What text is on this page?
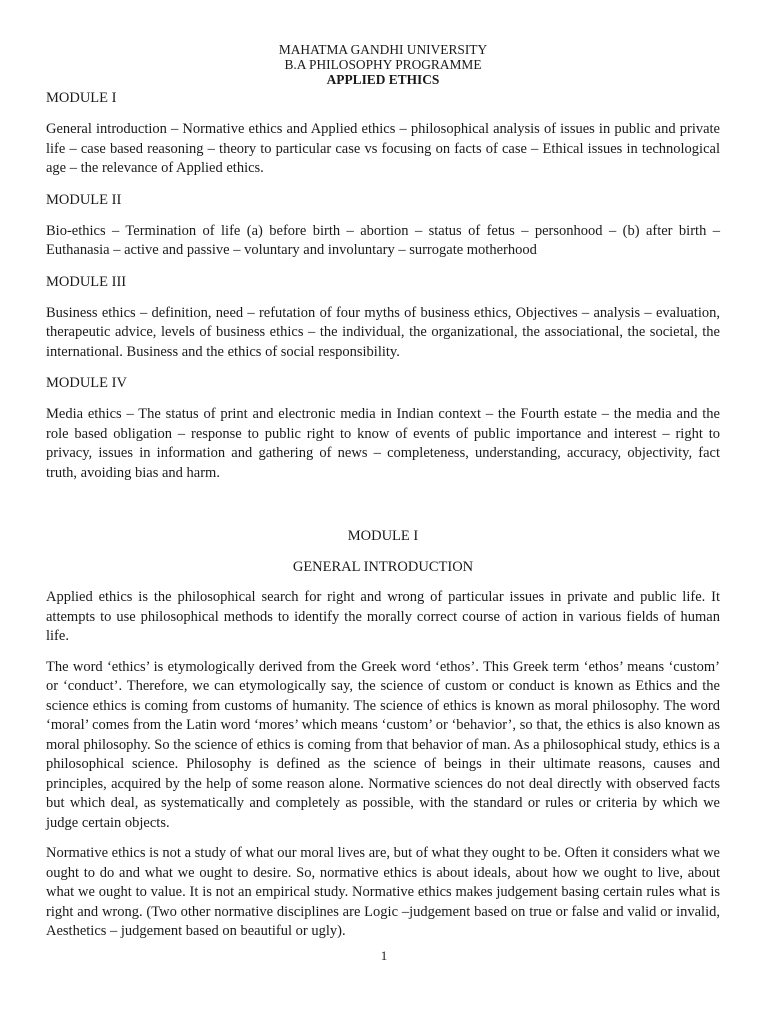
MAHATMA GANDHI UNIVERSITY

B.A PHILOSOPHY PROGRAMME

APPLIED ETHICS

MODULE I

General introduction – Normative ethics and Applied ethics – philosophical analysis of issues in public and private life – case based reasoning – theory to particular case vs focusing on facts of case – Ethical issues in technological age – the relevance of Applied ethics.

MODULE II

Bio-ethics – Termination of life (a) before birth – abortion – status of fetus – personhood – (b) after birth – Euthanasia – active and passive – voluntary and involuntary – surrogate motherhood

MODULE III

Business ethics – definition, need – refutation of four myths of business ethics, Objectives – analysis – evaluation, therapeutic advice, levels of business ethics – the individual, the organizational, the associational, the societal, the international. Business and the ethics of social responsibility.

MODULE IV

Media ethics – The status of print and electronic media in Indian context – the Fourth estate – the media and the role based obligation – response to public right to know of events of public importance and interest – right to privacy, issues in information and gathering of news – completeness, understanding, accuracy, objectivity, fact truth, avoiding bias and harm.

MODULE I

GENERAL INTRODUCTION

Applied ethics is the philosophical search for right and wrong of particular issues in private and public life. It attempts to use philosophical methods to identify the morally correct course of action in various fields of human life.

The word ‘ethics’ is etymologically derived from the Greek word ‘ethos’. This Greek term ‘ethos’ means ‘custom’ or ‘conduct’. Therefore, we can etymologically say, the science of custom or conduct is known as Ethics and the science ethics is coming from customs of humanity. The science of ethics is known as moral philosophy. The word ‘moral’ comes from the Latin word ‘mores’ which means ‘custom’ or ‘behavior’, so that, the ethics is also known as moral philosophy. So the science of ethics is coming from that behavior of man. As a philosophical study, ethics is a philosophical science. Philosophy is defined as the science of beings in their ultimate reasons, causes and principles, acquired by the help of some reason alone. Normative sciences do not deal directly with observed facts but which deal, as systematically and completely as possible, with the standard or rules or criteria by which we judge certain objects.

Normative ethics is not a study of what our moral lives are, but of what they ought to be. Often it considers what we ought to do and what we ought to desire. So, normative ethics is about ideals, about how we ought to live, about what we ought to value. It is not an empirical study. Normative ethics makes judgement basing certain rules what is right and wrong. (Two other normative disciplines are Logic –judgement based on true or false and valid or invalid, Aesthetics – judgement based on beautiful or ugly).

1
